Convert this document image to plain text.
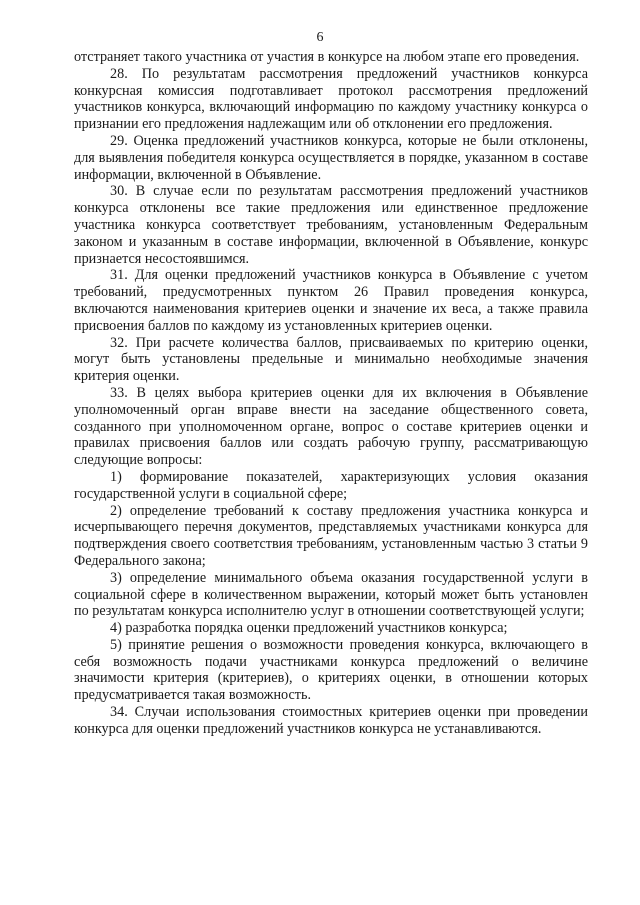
6

отстраняет такого участника от участия в конкурсе на любом этапе его проведения.

28. По результатам рассмотрения предложений участников конкурса конкурсная комиссия подготавливает протокол рассмотрения предложений участников конкурса, включающий информацию по каждому участнику конкурса о признании его предложения надлежащим или об отклонении его предложения.

29. Оценка предложений участников конкурса, которые не были отклонены, для выявления победителя конкурса осуществляется в порядке, указанном в составе информации, включенной в Объявление.

30. В случае если по результатам рассмотрения предложений участников конкурса отклонены все такие предложения или единственное предложение участника конкурса соответствует требованиям, установленным Федеральным законом и указанным в составе информации, включенной в Объявление, конкурс признается несостоявшимся.

31. Для оценки предложений участников конкурса в Объявление с учетом требований, предусмотренных пунктом 26 Правил проведения конкурса, включаются наименования критериев оценки и значение их веса, а также правила присвоения баллов по каждому из установленных критериев оценки.

32. При расчете количества баллов, присваиваемых по критерию оценки, могут быть установлены предельные и минимально необходимые значения критерия оценки.

33. В целях выбора критериев оценки для их включения в Объявление уполномоченный орган вправе внести на заседание общественного совета, созданного при уполномоченном органе, вопрос о составе критериев оценки и правилах присвоения баллов или создать рабочую группу, рассматривающую следующие вопросы:

1) формирование показателей, характеризующих условия оказания государственной услуги в социальной сфере;

2) определение требований к составу предложения участника конкурса и исчерпывающего перечня документов, представляемых участниками конкурса для подтверждения своего соответствия требованиям, установленным частью 3 статьи 9 Федерального закона;

3) определение минимального объема оказания государственной услуги в социальной сфере в количественном выражении, который может быть установлен по результатам конкурса исполнителю услуг в отношении соответствующей услуги;

4) разработка порядка оценки предложений участников конкурса;

5) принятие решения о возможности проведения конкурса, включающего в себя возможность подачи участниками конкурса предложений о величине значимости критерия (критериев), о критериях оценки, в отношении которых предусматривается такая возможность.

34. Случаи использования стоимостных критериев оценки при проведении конкурса для оценки предложений участников конкурса не устанавливаются.
